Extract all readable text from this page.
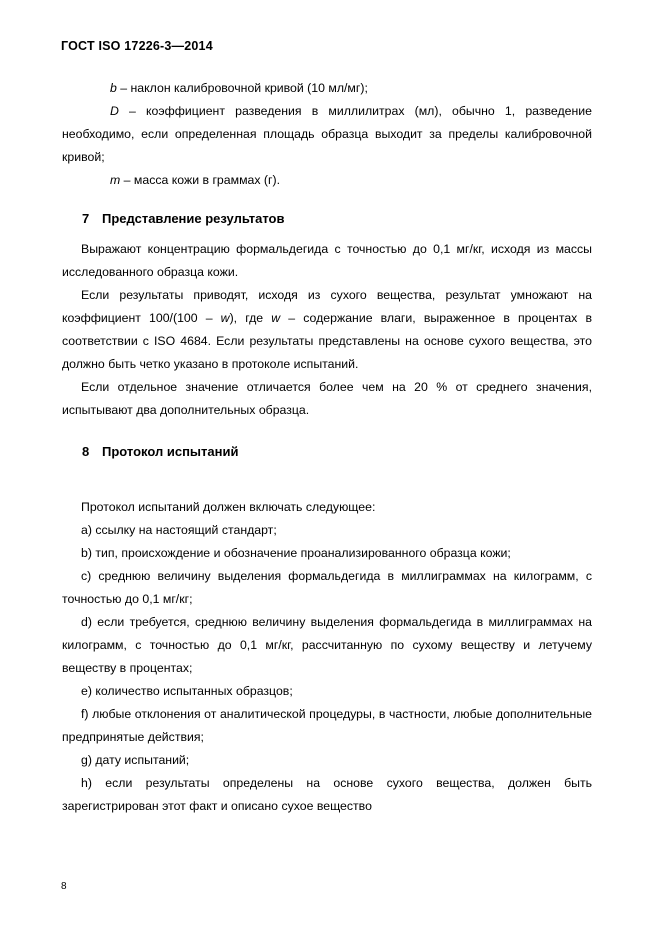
ГОСТ ISO 17226-3—2014

b – наклон калибровочной кривой (10 мл/мг);

D – коэффициент разведения в миллилитрах (мл), обычно 1, разведение необходимо, если определенная площадь образца выходит за пределы калибровочной кривой;

m – масса кожи в граммах (г).

7 Представление результатов

Выражают концентрацию формальдегида с точностью до 0,1 мг/кг, исходя из массы исследованного образца кожи.

Если результаты приводят, исходя из сухого вещества, результат умножают на коэффициент 100/(100 – w), где w – содержание влаги, выраженное в процентах в соответствии с ISO 4684. Если результаты представлены на основе сухого вещества, это должно быть четко указано в протоколе испытаний.

Если отдельное значение отличается более чем на 20 % от среднего значения, испытывают два дополнительных образца.

8 Протокол испытаний

Протокол испытаний должен включать следующее:

a) ссылку на настоящий стандарт;

b) тип, происхождение и обозначение проанализированного образца кожи;

c) среднюю величину выделения формальдегида в миллиграммах на килограмм, с точностью до 0,1 мг/кг;

d) если требуется, среднюю величину выделения формальдегида в миллиграммах на килограмм, с точностью до 0,1 мг/кг, рассчитанную по сухому веществу и летучему веществу в процентах;

e) количество испытанных образцов;

f) любые отклонения от аналитической процедуры, в частности, любые дополнительные предпринятые действия;

g) дату испытаний;

h) если результаты определены на основе сухого вещества, должен быть зарегистрирован этот факт и описано сухое вещество

8
